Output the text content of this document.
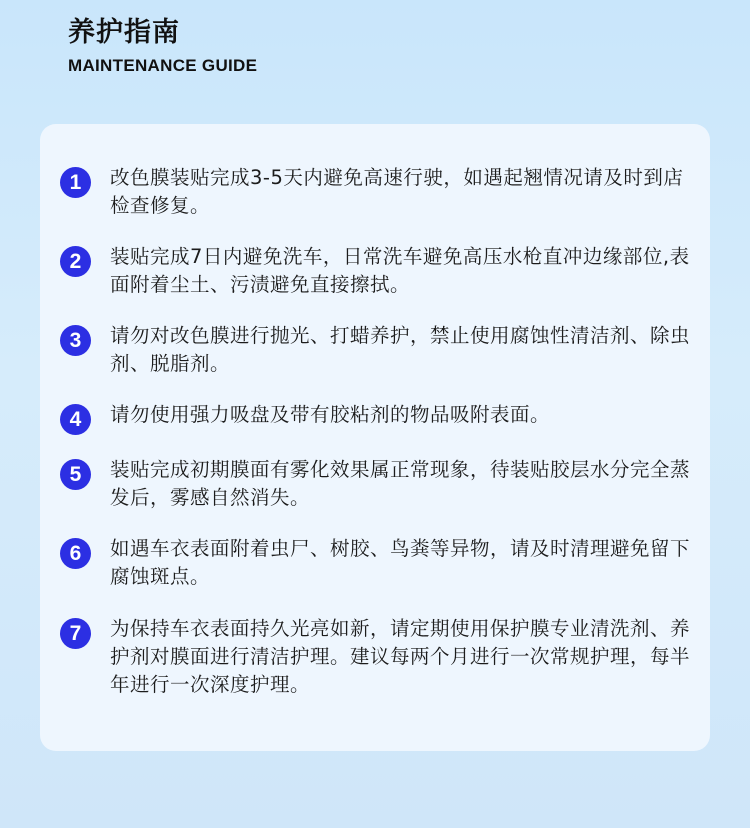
养护指南
MAINTENANCE GUIDE
1	改色膜装贴完成3-5天内避免高速行驶，如遇起翘情况请及时到店检查修复。
2	装贴完成7日内避免洗车，日常洗车避免高压水枪直冲边缘部位,表面附着尘土、污渍避免直接擦拭。
3	请勿对改色膜进行抛光、打蜡养护，禁止使用腐蚀性清洁剂、除虫剂、脱脂剂。
4	请勿使用强力吸盘及带有胶粘剂的物品吸附表面。
5	装贴完成初期膜面有雾化效果属正常现象，待装贴胶层水分完全蒸发后，雾感自然消失。
6	如遇车衣表面附着虫尸、树胶、鸟粪等异物，请及时清理避免留下腐蚀斑点。
7	为保持车衣表面持久光亮如新，请定期使用保护膜专业清洗剂、养护剂对膜面进行清洁护理。建议每两个月进行一次常规护理，每半年进行一次深度护理。
